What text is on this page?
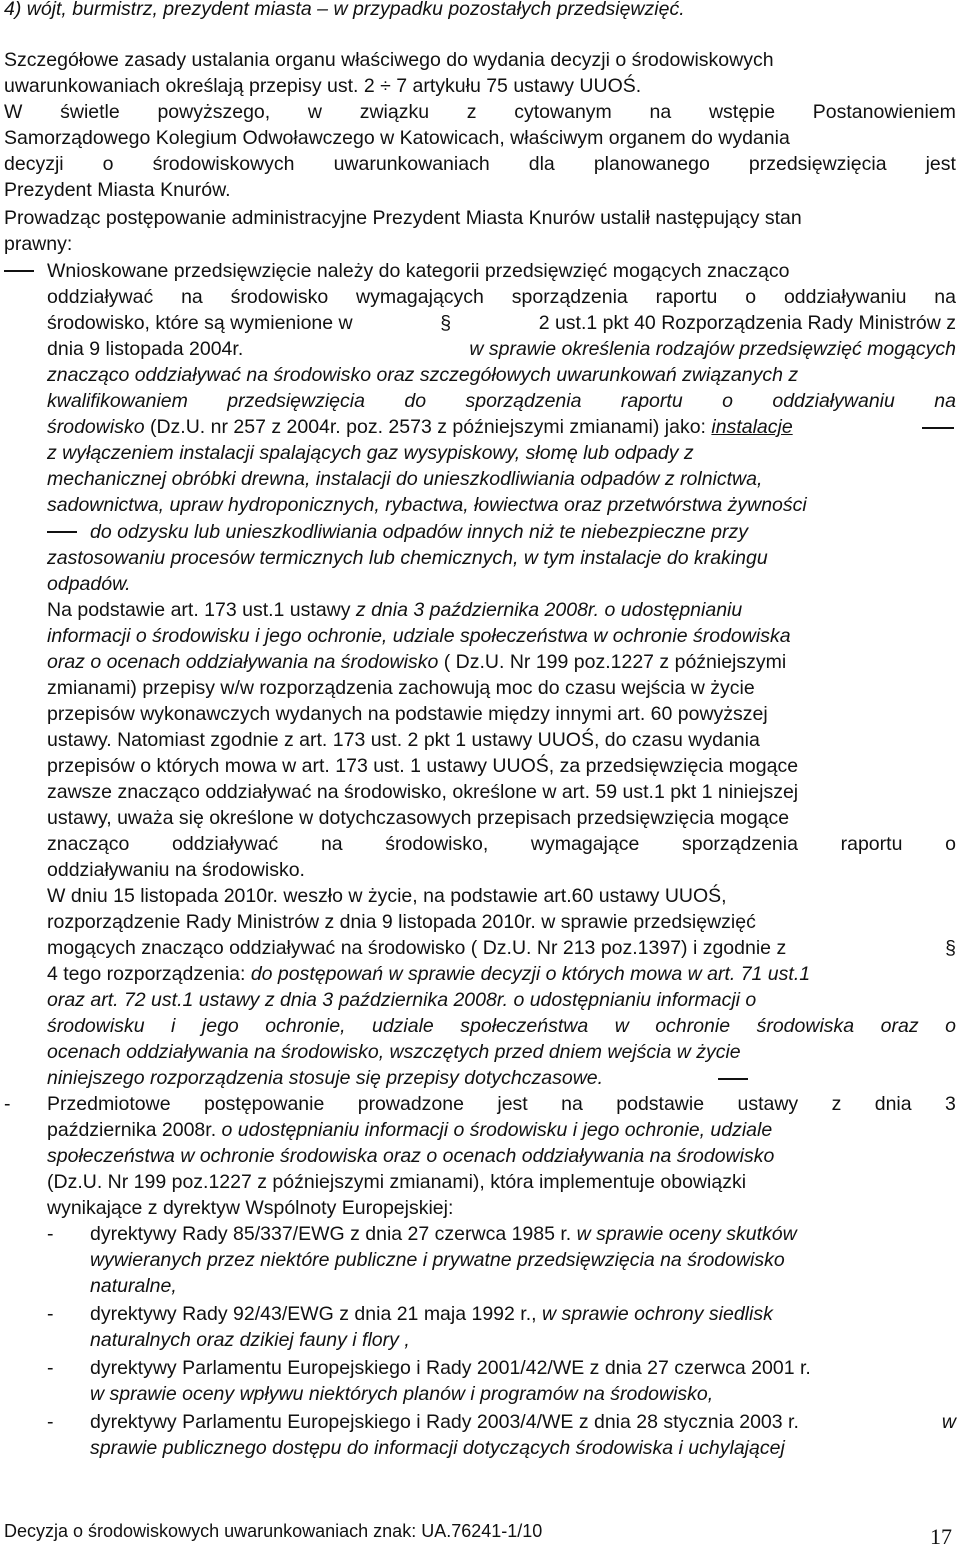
4) wójt, burmistrz, prezydent miasta – w przypadku pozostałych przedsięwzięć.
Szczegółowe zasady ustalania organu właściwego do wydania decyzji o środowiskowych
uwarunkowaniach określają przepisy ust. 2 ÷ 7 artykułu 75 ustawy UUOŚ.
W świetle powyższego, w związku z cytowanym na wstępie Postanowieniem
Samorządowego Kolegium Odwoławczego w Katowicach, właściwym organem do wydania
decyzji o środowiskowych uwarunkowaniach dla planowanego przedsięwzięcia jest
Prezydent Miasta Knurów.
Prowadząc postępowanie administracyjne Prezydent Miasta Knurów ustalił następujący stan
prawny:
Wnioskowane przedsięwzięcie należy do kategorii przedsięwzięć mogących znacząco
oddziaływać na środowisko wymagających sporządzenia raportu o oddziaływaniu na
środowisko, które są wymienione w	§	2 ust.1 pkt 40 Rozporządzenia Rady Ministrów z
dnia 9 listopada 2004r.	w sprawie określenia rodzajów przedsięwzięć mogących
znacząco oddziaływać na środowisko oraz szczegółowych uwarunkowań związanych z
kwalifikowaniem przedsięwzięcia do sporządzenia raportu o oddziaływaniu na
środowisko (Dz.U. nr 257 z 2004r. poz. 2573 z późniejszymi zmianami) jako: instalacje
z wyłączeniem instalacji spalających gaz wysypiskowy, słomę lub odpady z
mechanicznej obróbki drewna, instalacji do unieszkodliwiania odpadów z rolnictwa,
sadownictwa, upraw hydroponicznych, rybactwa, łowiectwa oraz przetwórstwa żywności
do odzysku lub unieszkodliwiania odpadów innych niż te niebezpieczne przy
zastosowaniu procesów termicznych lub chemicznych, w tym instalacje do krakingu
odpadów.
Na podstawie art. 173 ust.1 ustawy z dnia 3 października 2008r. o udostępnianiu
informacji o środowisku i jego ochronie, udziale społeczeństwa w ochronie środowiska
oraz o ocenach oddziaływania na środowisko ( Dz.U. Nr 199 poz.1227 z późniejszymi
zmianami) przepisy w/w rozporządzenia zachowują moc do czasu wejścia w życie
przepisów wykonawczych wydanych na podstawie między innymi art. 60 powyższej
ustawy. Natomiast zgodnie z art. 173 ust. 2 pkt 1 ustawy UUOŚ, do czasu wydania
przepisów o których mowa w art. 173 ust. 1 ustawy UUOŚ, za przedsięwzięcia mogące
zawsze znacząco oddziaływać na środowisko, określone w art. 59 ust.1 pkt 1 niniejszej
ustawy, uważa się określone w dotychczasowych przepisach przedsięwzięcia mogące
znacząco oddziaływać na środowisko, wymagające sporządzenia raportu o
oddziaływaniu na środowisko.
W dniu 15 listopada 2010r. weszło w życie, na podstawie art.60 ustawy UUOŚ,
rozporządzenie Rady Ministrów z dnia 9 listopada 2010r. w sprawie przedsięwzięć
mogących znacząco oddziaływać na środowisko ( Dz.U. Nr 213 poz.1397) i zgodnie z	§
4 tego rozporządzenia: do postępowań w sprawie decyzji o których mowa w art. 71 ust.1
oraz art. 72 ust.1 ustawy z dnia 3 października 2008r. o udostępnianiu informacji o
środowisku i jego ochronie, udziale społeczeństwa w ochronie środowiska oraz o
ocenach oddziaływania na środowisko, wszczętych przed dniem wejścia w życie
niniejszego rozporządzenia stosuje się przepisy dotychczasowe.
- Przedmiotowe postępowanie prowadzone jest na podstawie ustawy z dnia 3
października 2008r. o udostępnianiu informacji o środowisku i jego ochronie, udziale
społeczeństwa w ochronie środowiska oraz o ocenach oddziaływania na środowisko
(Dz.U. Nr 199 poz.1227 z późniejszymi zmianami), która implementuje obowiązki
wynikające z dyrektyw Wspólnoty Europejskiej:
- dyrektywy Rady 85/337/EWG z dnia 27 czerwca 1985 r. w sprawie oceny skutków
wywieranych przez niektóre publiczne i prywatne przedsięwzięcia na środowisko
naturalne,
- dyrektywy Rady 92/43/EWG z dnia 21 maja 1992 r., w sprawie ochrony siedlisk
naturalnych oraz dzikiej fauny i flory ,
- dyrektywy Parlamentu Europejskiego i Rady 2001/42/WE z dnia 27 czerwca 2001 r.
w sprawie oceny wpływu niektórych planów i programów na środowisko,
- dyrektywy Parlamentu Europejskiego i Rady 2003/4/WE z dnia 28 stycznia 2003 r.	w
sprawie publicznego dostępu do informacji dotyczących środowiska i uchylającej
Decyzja o środowiskowych uwarunkowaniach znak: UA.76241-1/10	17
